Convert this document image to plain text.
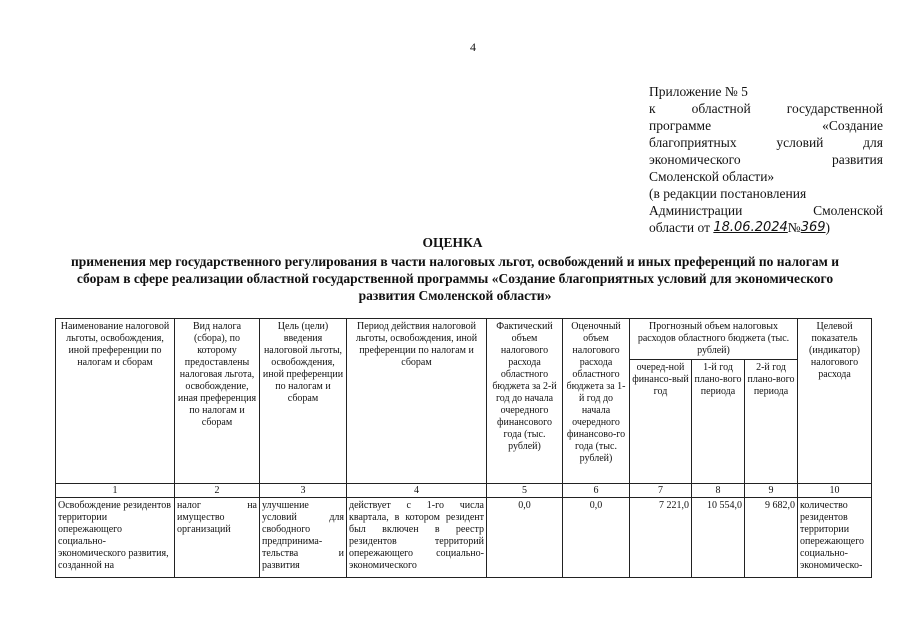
4
Приложение № 5
к	областной	государственной
программе	«Создание
благоприятных	условий	для
экономического	развития
Смоленской области»
(в редакции постановления
Администрации	Смоленской
области от
18.06.2024 № 369 )
ОЦЕНКА
применения мер государственного регулирования в части налоговых льгот, освобождений и иных преференций по налогам и сборам в сфере реализации областной государственной программы «Создание благоприятных условий для экономического развития Смоленской области»
Наименование налоговой льготы, освобождения, иной преференции по налогам и сборам	Вид налога (сбора), по которому предоставлены налоговая льгота, освобождение, иная преференция по налогам и сборам	Цель (цели) введения налоговой льготы, освобождения, иной преференции по налогам и сборам	Период действия налоговой льготы, освобождения, иной преференции по налогам и сборам	Фактический объем налогового расхода областного бюджета за 2-й год до начала очередного финансового года (тыс. рублей)	Оценочный объем налогового расхода областного бюджета за 1-й год до начала очередного финансово-го года (тыс. рублей)	Прогнозный объем налоговых расходов областного бюджета (тыс. рублей)			Целевой показатель (индикатор) налогового расхода
						очеред-ной финансо-вый год	1-й год плано-вого периода	2-й год плано-вого периода	
1	2	3	4	5	6	7	8	9	10
Освобождение резидентов территории опережающего социально-экономического развития, созданной на	налог на имущество организаций	улучшение условий для свободного предпринима-тельства и развития	действует с 1-го числа квартала, в котором резидент был включен в реестр резидентов территорий опережающего социально-экономического	0,0	0,0	7 221,0	10 554,0	9 682,0	количество резидентов территории опережающего социально-экономическо-
